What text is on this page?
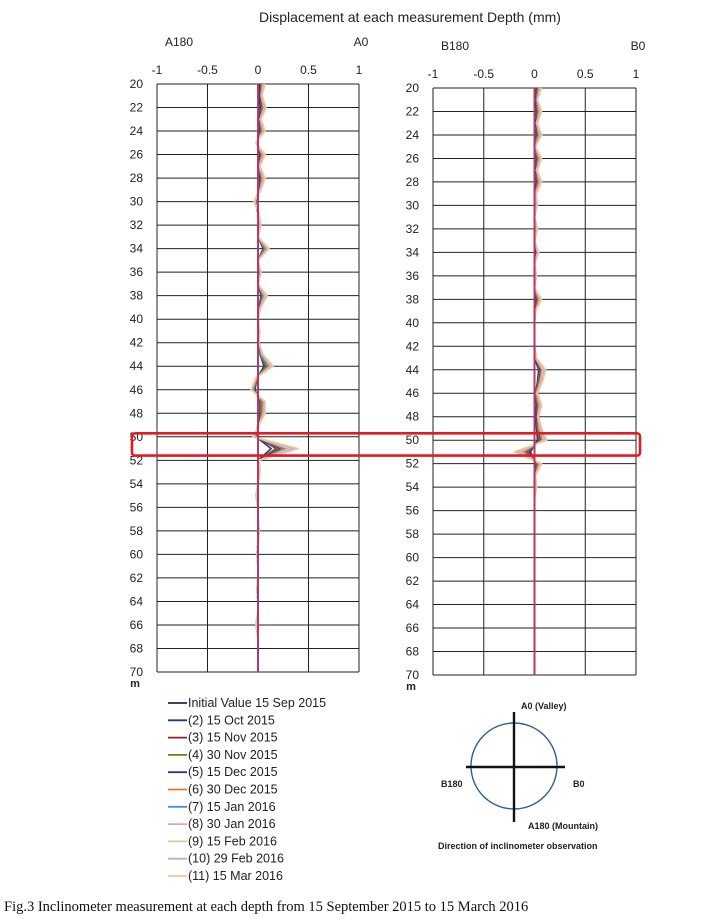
Displacement at each measurement Depth (mm)
-1	-0.5	0	0.5	1
20
22
24
26
28
30
32
34
36
38
40
42
44
46
48
50
52
54
56
58
60
62
64
66
68
70
m
A180	A0
-1	-0.5	0	0.5	1
20
22
24
26
28
30
32
34
36
38
40
42
44
46
48
50
52
54
56
58
60
62
64
66
68
70
m
B180	B0
Initial Value 15 Sep 2015
(2) 15 Oct 2015
(3) 15 Nov 2015
(4) 30 Nov 2015
(5) 15 Dec 2015
(6) 30 Dec 2015
(7) 15 Jan 2016
(8) 30 Jan 2016
(9) 15 Feb 2016
(10) 29 Feb 2016
(11) 15 Mar 2016
A0 (Valley)
A180 (Mountain)
B180	B0
Direction of inclinometer observation
Fig.3 Inclinometer measurement at each depth from 15 September 2015 to 15 March 2016
